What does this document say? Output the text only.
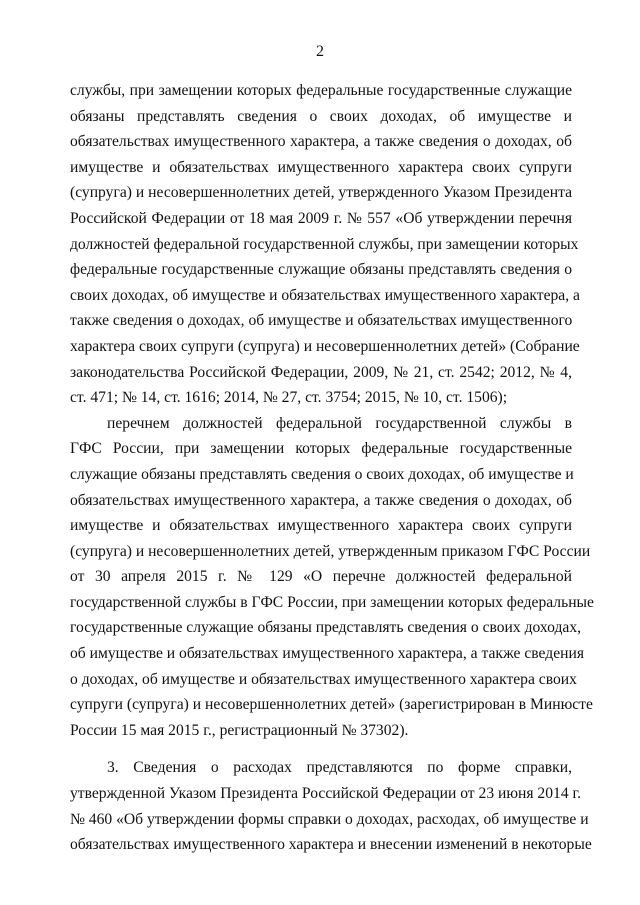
2
службы, при замещении которых федеральные государственные служащие
обязаны представлять сведения о своих доходах, об имуществе и
обязательствах имущественного характера, а также сведения о доходах, об
имуществе и обязательствах имущественного характера своих супруги
(супруга) и несовершеннолетних детей, утвержденного Указом Президента
Российской Федерации от 18 мая 2009 г. № 557 «Об утверждении перечня
должностей федеральной государственной службы, при замещении которых
федеральные государственные служащие обязаны представлять сведения о
своих доходах, об имуществе и обязательствах имущественного характера, а
также сведения о доходах, об имуществе и обязательствах имущественного
характера своих супруги (супруга) и несовершеннолетних детей» (Собрание
законодательства Российской Федерации, 2009, № 21, ст. 2542; 2012, № 4,
ст. 471; № 14, ст. 1616; 2014, № 27, ст. 3754; 2015, № 10, ст. 1506);
перечнем должностей федеральной государственной службы в
ГФС России, при замещении которых федеральные государственные
служащие обязаны представлять сведения о своих доходах, об имуществе и
обязательствах имущественного характера, а также сведения о доходах, об
имуществе и обязательствах имущественного характера своих супруги
(супруга) и несовершеннолетних детей, утвержденным приказом ГФС России
от 30 апреля 2015 г. № 129 «О перечне должностей федеральной
государственной службы в ГФС России, при замещении которых федеральные
государственные служащие обязаны представлять сведения о своих доходах,
об имуществе и обязательствах имущественного характера, а также сведения
о доходах, об имуществе и обязательствах имущественного характера своих
супруги (супруга) и несовершеннолетних детей» (зарегистрирован в Минюсте
России 15 мая 2015 г., регистрационный № 37302).
3. Сведения о расходах представляются по форме справки,
утвержденной Указом Президента Российской Федерации от 23 июня 2014 г.
№ 460 «Об утверждении формы справки о доходах, расходах, об имуществе и
обязательствах имущественного характера и внесении изменений в некоторые
